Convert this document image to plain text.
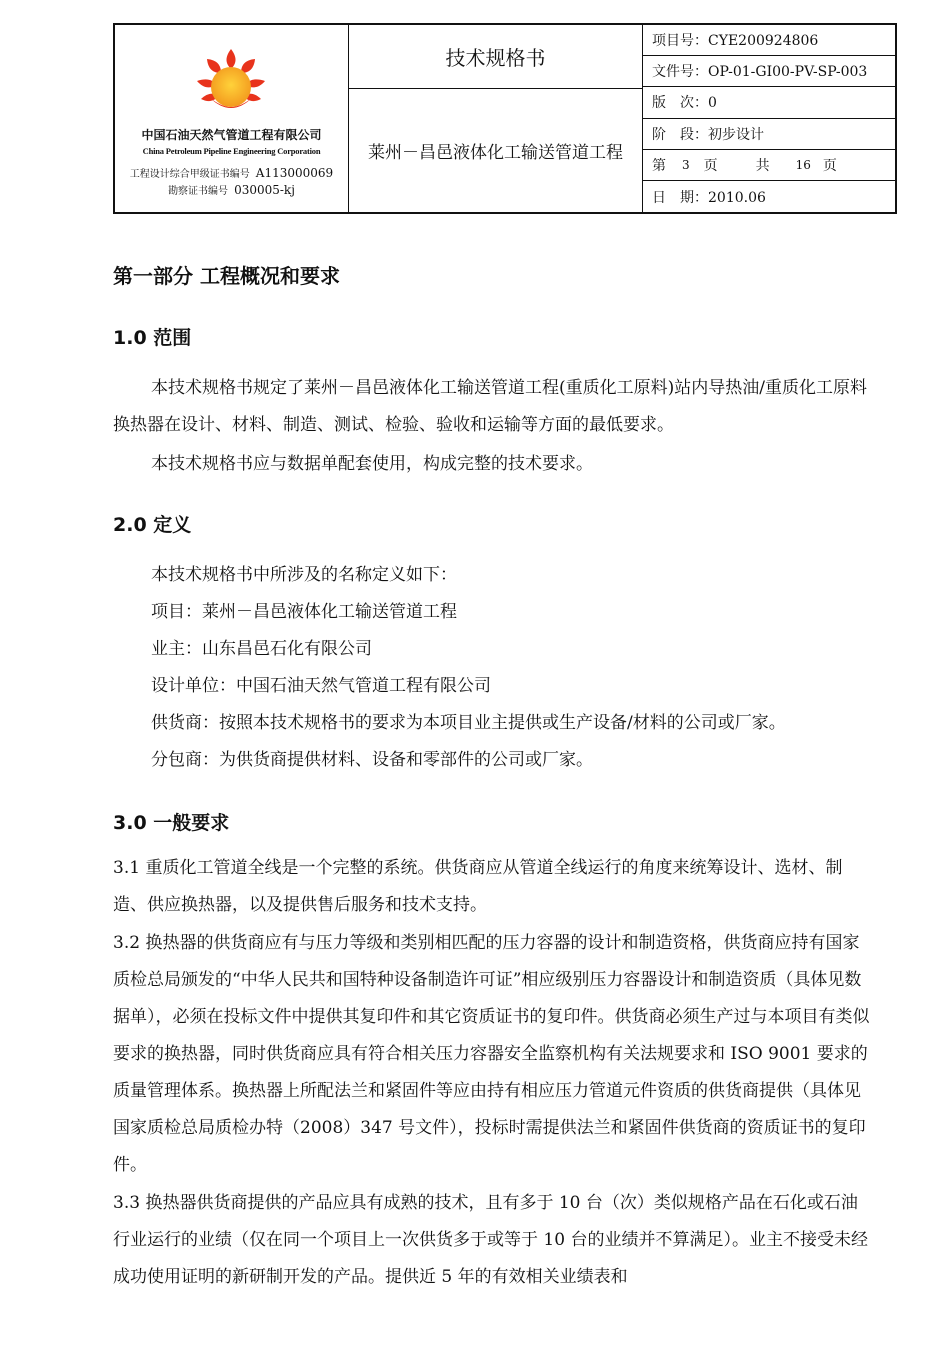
中国石油天然气管道工程有限公司
China Petroleum Pipeline Engineering Corporation
工程设计综合甲级证书编号 A113000069
勘察证书编号 030005-kj
技术规格书
莱州－昌邑液体化工输送管道工程
项目号：CYE200924806
文件号：OP-01-GI00-PV-SP-003
版　次：0
阶　段：初步设计
第 3 页	共 16 页
日　期：2010.06
第一部分 工程概况和要求
1.0 范围

本技术规格书规定了莱州－昌邑液体化工输送管道工程(重质化工原料)站内导热油/重质化工原料换热器在设计、材料、制造、测试、检验、验收和运输等方面的最低要求。

本技术规格书应与数据单配套使用，构成完整的技术要求。

2.0 定义
本技术规格书中所涉及的名称定义如下：
项目：莱州－昌邑液体化工输送管道工程
业主：山东昌邑石化有限公司
设计单位：中国石油天然气管道工程有限公司
供货商：按照本技术规格书的要求为本项目业主提供或生产设备/材料的公司或厂家。
分包商：为供货商提供材料、设备和零部件的公司或厂家。
3.0 一般要求

3.1 重质化工管道全线是一个完整的系统。供货商应从管道全线运行的角度来统筹设计、选材、制造、供应换热器，以及提供售后服务和技术支持。

3.2 换热器的供货商应有与压力等级和类别相匹配的压力容器的设计和制造资格，供货商应持有国家质检总局颁发的“中华人民共和国特种设备制造许可证”相应级别压力容器设计和制造资质（具体见数据单），必须在投标文件中提供其复印件和其它资质证书的复印件。供货商必须生产过与本项目有类似要求的换热器，同时供货商应具有符合相关压力容器安全监察机构有关法规要求和 ISO 9001 要求的质量管理体系。换热器上所配法兰和紧固件等应由持有相应压力管道元件资质的供货商提供（具体见国家质检总局质检办特（2008）347 号文件），投标时需提供法兰和紧固件供货商的资质证书的复印件。

3.3 换热器供货商提供的产品应具有成熟的技术，且有多于 10 台（次）类似规格产品在石化或石油行业运行的业绩（仅在同一个项目上一次供货多于或等于 10 台的业绩并不算满足）。业主不接受未经成功使用证明的新研制开发的产品。提供近 5 年的有效相关业绩表和
